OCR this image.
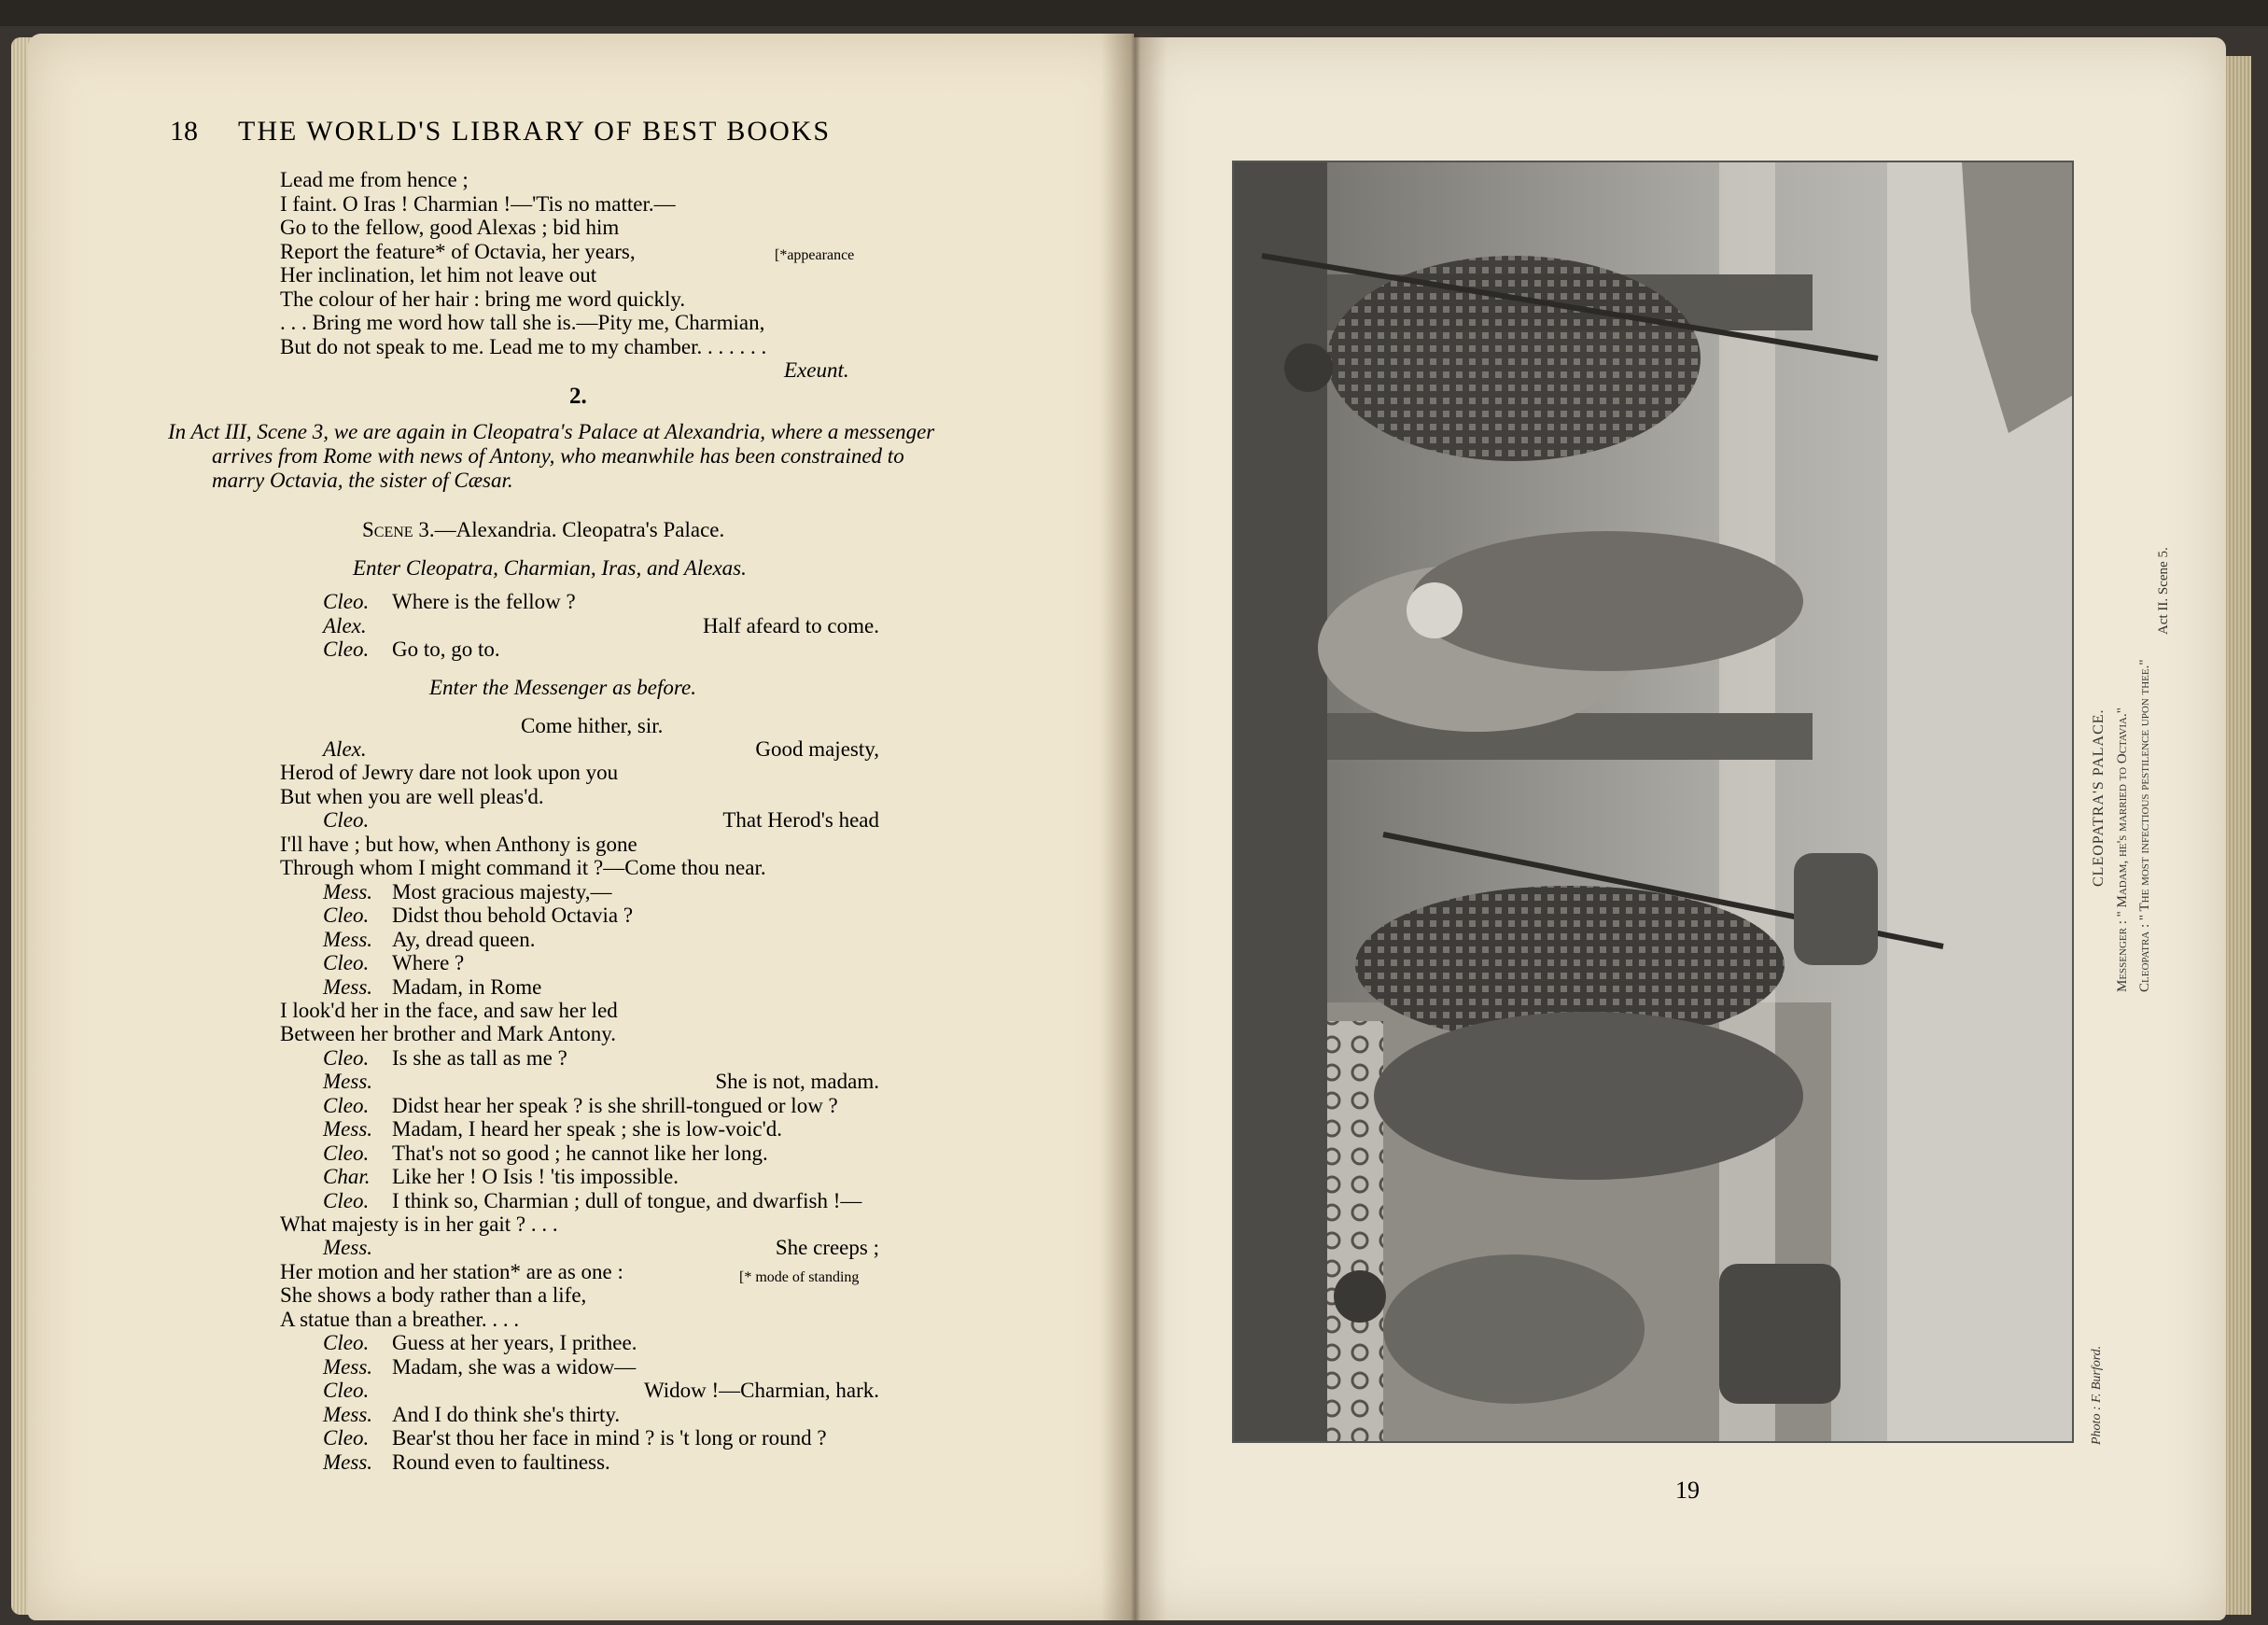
18 THE WORLD'S LIBRARY OF BEST BOOKS
Lead me from hence ;
I faint. O Iras ! Charmian !—'Tis no matter.—
Go to the fellow, good Alexas ; bid him
Report the feature* of Octavia, her years,
Her inclination, let him not leave out
The colour of her hair : bring me word quickly.
. . . Bring me word how tall she is.—Pity me, Charmian,
But do not speak to me. Lead me to my chamber. . . . . . .
[*appearance
Exeunt.
2.
In Act III, Scene 3, we are again in Cleopatra's Palace at Alexandria, where a messenger
arrives from Rome with news of Antony, who meanwhile has been constrained to
marry Octavia, the sister of Cæsar.
Scene 3.—Alexandria. Cleopatra's Palace.
Enter Cleopatra, Charmian, Iras, and Alexas.
Cleo. Where is the fellow ?
Alex.	Half afeard to come.
Cleo. Go to, go to.
Enter the Messenger as before.
Come hither, sir.
Alex.	Good majesty,
Herod of Jewry dare not look upon you
But when you are well pleas'd.
Cleo.	That Herod's head
I'll have ; but how, when Anthony is gone
Through whom I might command it ?—Come thou near.
Mess. Most gracious majesty,—
Cleo. Didst thou behold Octavia ?
Mess. Ay, dread queen.
Cleo. Where ?
Mess. Madam, in Rome
I look'd her in the face, and saw her led
Between her brother and Mark Antony.
Cleo. Is she as tall as me ?
Mess.	She is not, madam.
Cleo. Didst hear her speak ? is she shrill-tongued or low ?
Mess. Madam, I heard her speak ; she is low-voic'd.
Cleo. That's not so good ; he cannot like her long.
Char. Like her ! O Isis ! 'tis impossible.
Cleo. I think so, Charmian ; dull of tongue, and dwarfish !—
What majesty is in her gait ? . . .
Mess.	She creeps ;
Her motion and her station* are as one :
She shows a body rather than a life,
A statue than a breather. . . .
Cleo. Guess at her years, I prithee.
Mess. Madam, she was a widow—
Cleo.	Widow !—Charmian, hark.
Mess. And I do think she's thirty.
Cleo. Bear'st thou her face in mind ? is 't long or round ?
Mess. Round even to faultiness.
[* mode of standing
Photo : F. Burford.
CLEOPATRA'S PALACE. Messenger : " Madam, he's married to Octavia." Cleopatra : " The most infectious pestilence upon thee."
Act II. Scene 5.
19
